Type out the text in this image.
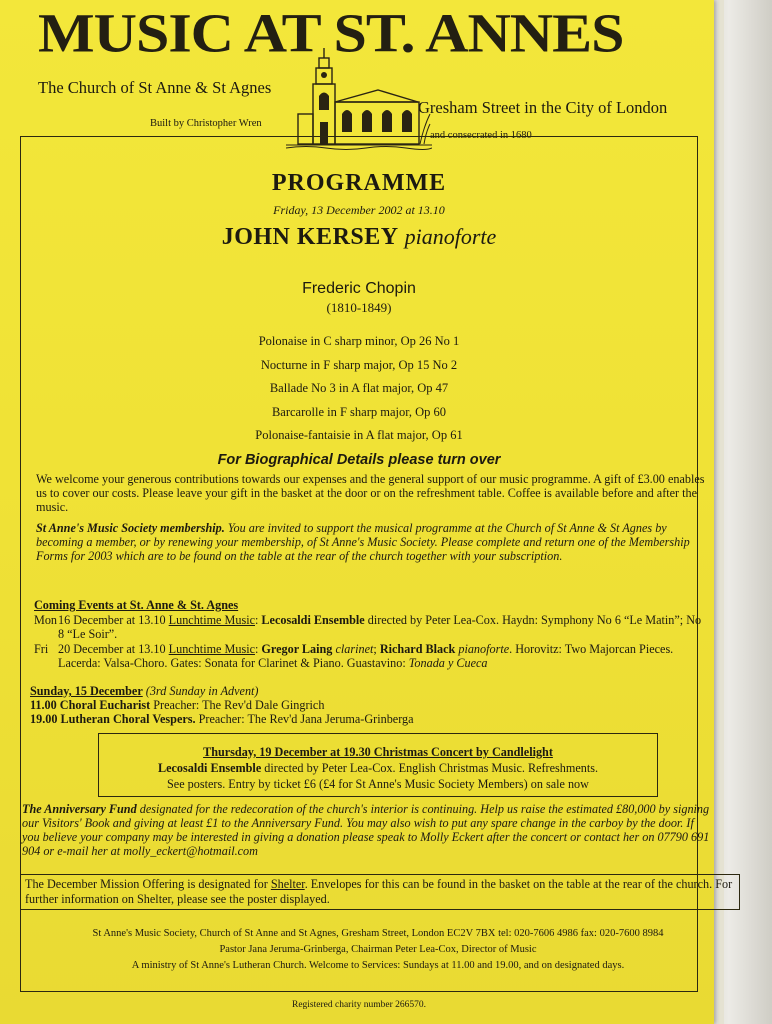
MUSIC AT ST. ANNES
The Church of St Anne & St Agnes
Gresham Street in the City of London
Built by Christopher Wren
and consecrated in 1680
PROGRAMME
Friday, 13 December 2002 at 13.10
JOHN KERSEY pianoforte
Frederic Chopin
(1810-1849)
Polonaise in C sharp minor, Op 26 No 1
Nocturne in F sharp major, Op 15 No 2
Ballade No 3 in A flat major, Op 47
Barcarolle in F sharp major, Op 60
Polonaise-fantaisie in A flat major, Op 61
For Biographical Details please turn over

We welcome your generous contributions towards our expenses and the general support of our music programme. A gift of £3.00 enables us to cover our costs. Please leave your gift in the basket at the door or on the refreshment table. Coffee is available before and after the music.

St Anne's Music Society membership. You are invited to support the musical programme at the Church of St Anne & St Agnes by becoming a member, or by renewing your membership, of St Anne's Music Society. Please complete and return one of the Membership Forms for 2003 which are to be found on the table at the rear of the church together with your subscription.

Coming Events at St. Anne & St. Agnes
Mon 16 December at 13.10 Lunchtime Music: Lecosaldi Ensemble directed by Peter Lea-Cox. Haydn: Symphony No 6 “Le Matin”; No 8 “Le Soir”.
Fri 20 December at 13.10 Lunchtime Music: Gregor Laing clarinet; Richard Black pianoforte. Horovitz: Two Majorcan Pieces. Lacerda: Valsa-Choro. Gates: Sonata for Clarinet & Piano. Guastavino: Tonada y Cueca
Sunday, 15 December (3rd Sunday in Advent)
11.00 Choral Eucharist Preacher: The Rev'd Dale Gingrich
19.00 Lutheran Choral Vespers. Preacher: The Rev'd Jana Jeruma-Grinberga
Thursday, 19 December at 19.30 Christmas Concert by Candlelight
Lecosaldi Ensemble directed by Peter Lea-Cox. English Christmas Music. Refreshments.
See posters. Entry by ticket £6 (£4 for St Anne's Music Society Members) on sale now

The Anniversary Fund designated for the redecoration of the church's interior is continuing. Help us raise the estimated £80,000 by signing our Visitors' Book and giving at least £1 to the Anniversary Fund. You may also wish to put any spare change in the carboy by the door. If you believe your company may be interested in giving a donation please speak to Molly Eckert after the concert or contact her on 07790 691 904 or e-mail her at molly_eckert@hotmail.com

The December Mission Offering is designated for Shelter. Envelopes for this can be found in the basket on the table at the rear of the church. For further information on Shelter, please see the poster displayed.
St Anne's Music Society, Church of St Anne and St Agnes, Gresham Street, London EC2V 7BX tel: 020-7606 4986 fax: 020-7600 8984
Pastor Jana Jeruma-Grinberga, Chairman Peter Lea-Cox, Director of Music
A ministry of St Anne's Lutheran Church. Welcome to Services: Sundays at 11.00 and 19.00, and on designated days.
Registered charity number 266570.
